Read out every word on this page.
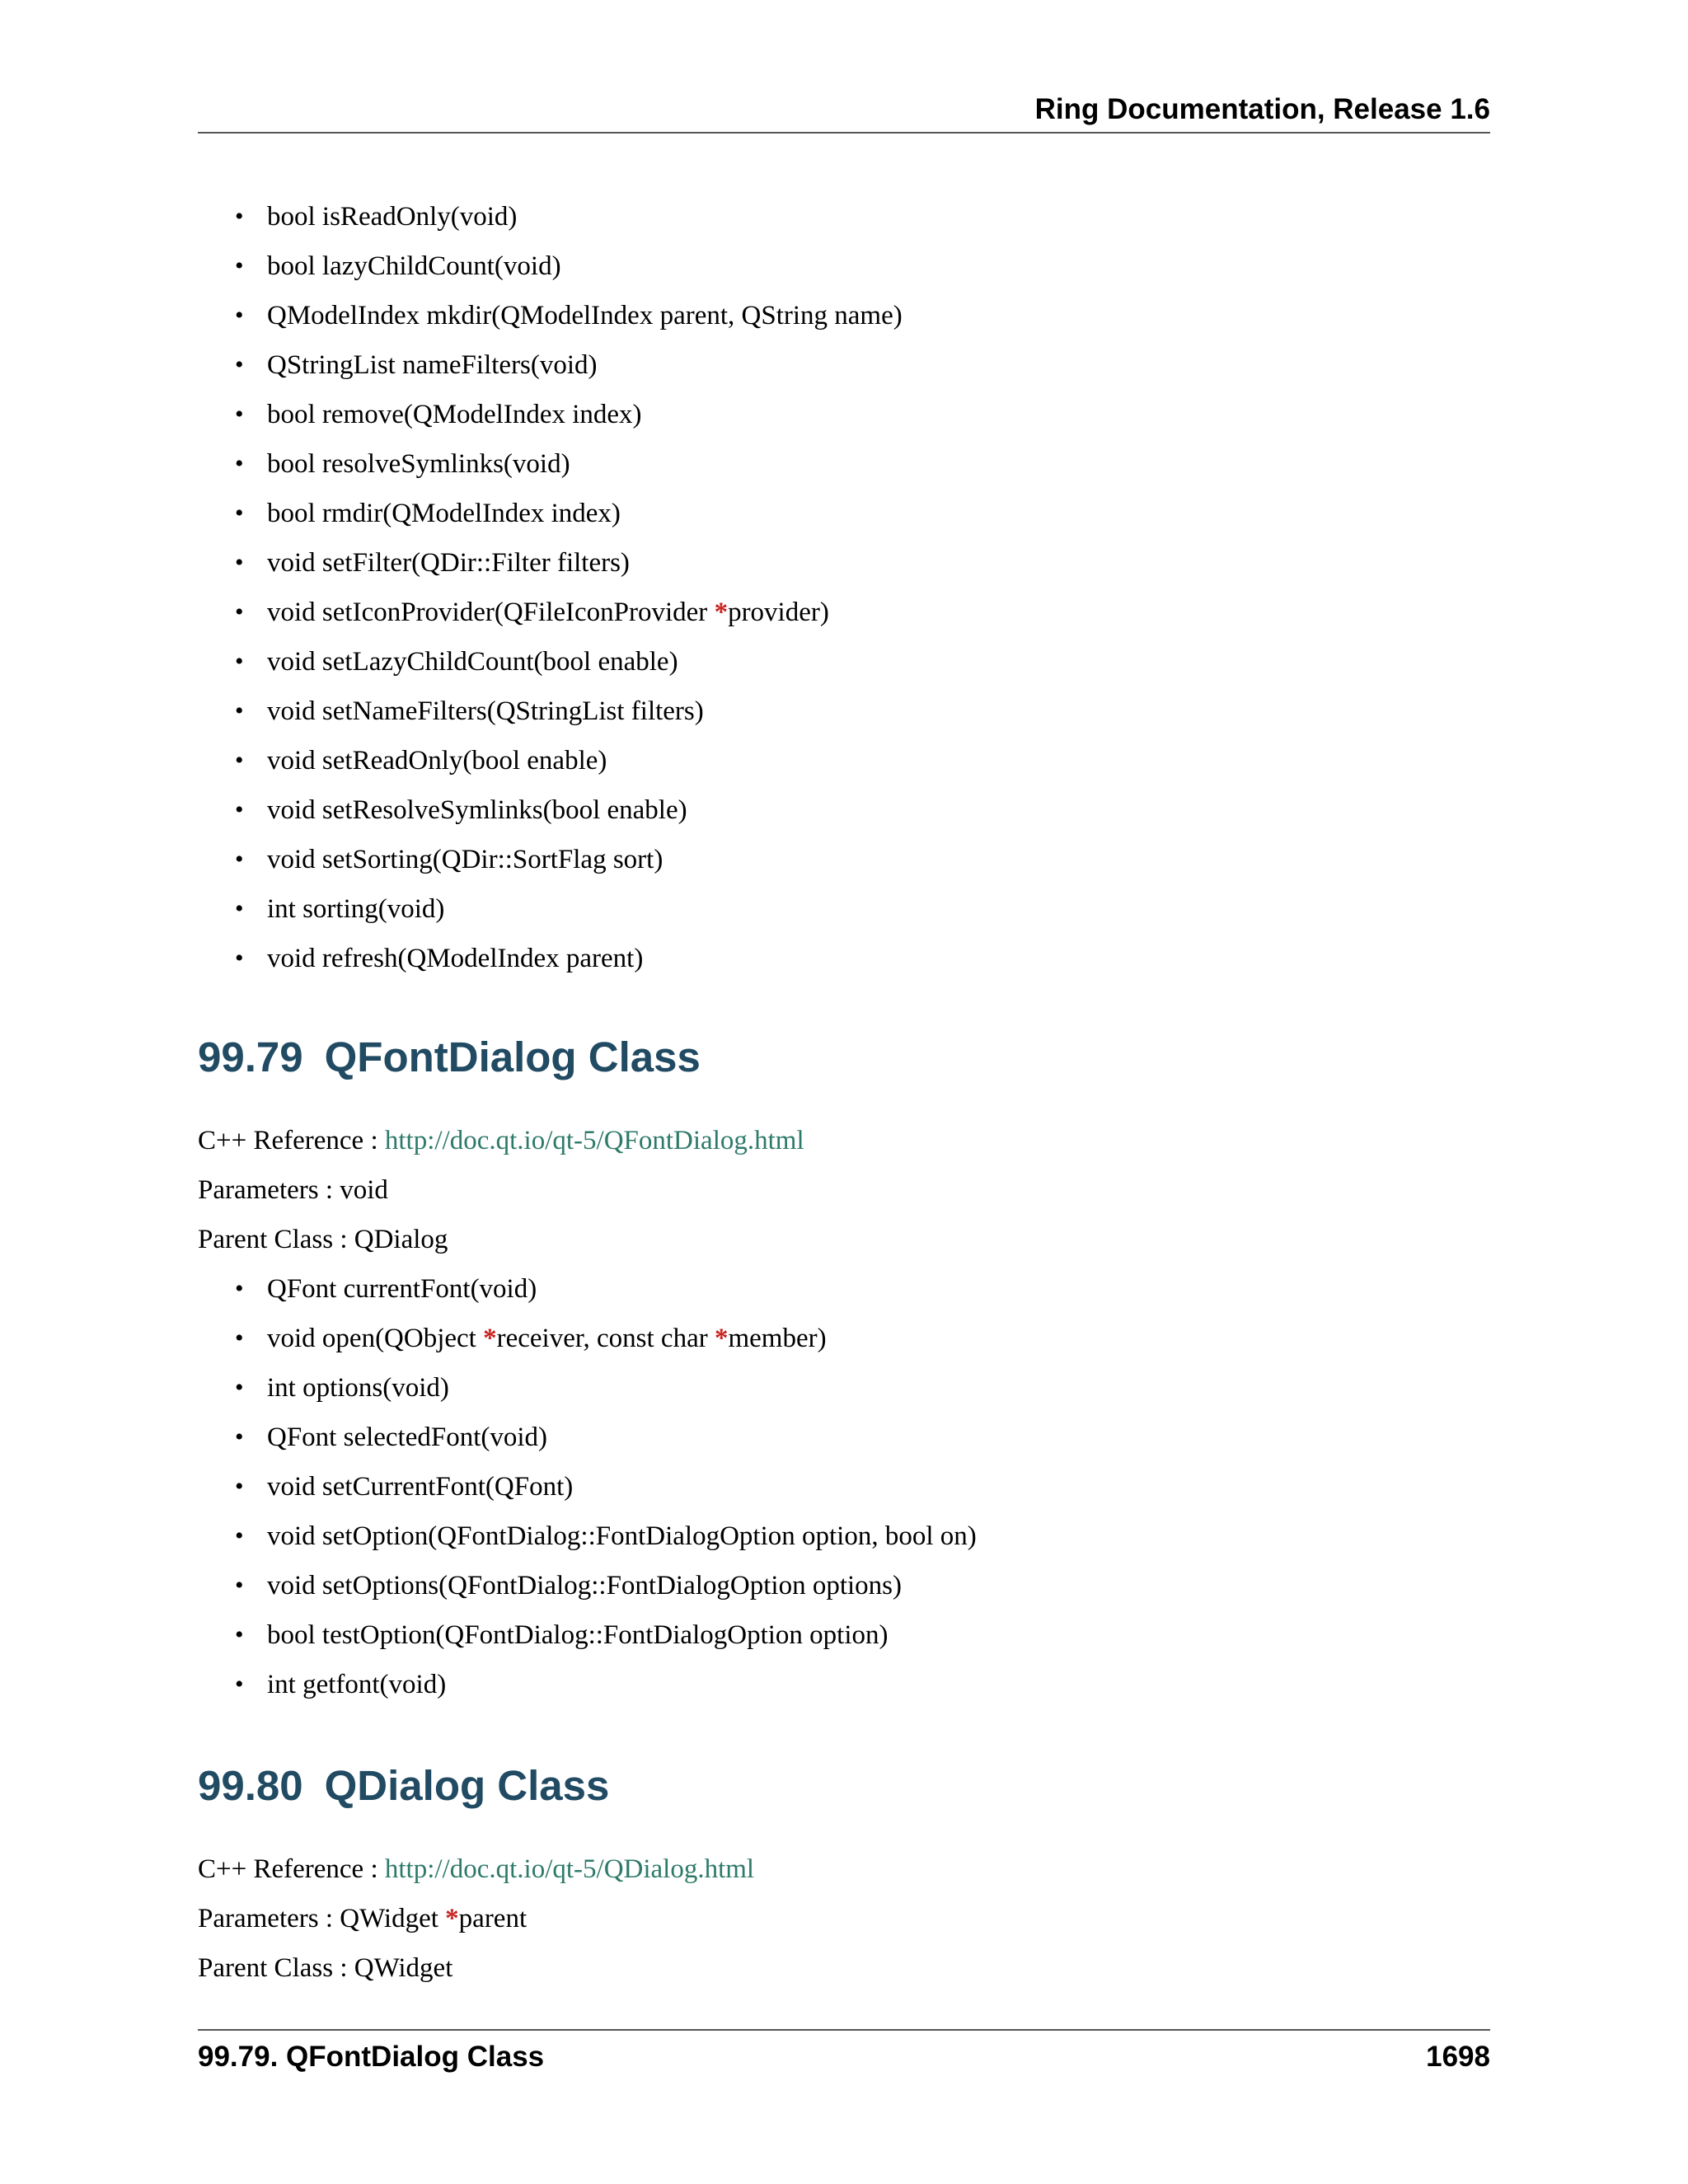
Ring Documentation, Release 1.6
• bool isReadOnly(void)
• bool lazyChildCount(void)
• QModelIndex mkdir(QModelIndex parent, QString name)
• QStringList nameFilters(void)
• bool remove(QModelIndex index)
• bool resolveSymlinks(void)
• bool rmdir(QModelIndex index)
• void setFilter(QDir::Filter filters)
• void setIconProvider(QFileIconProvider *provider)
• void setLazyChildCount(bool enable)
• void setNameFilters(QStringList filters)
• void setReadOnly(bool enable)
• void setResolveSymlinks(bool enable)
• void setSorting(QDir::SortFlag sort)
• int sorting(void)
• void refresh(QModelIndex parent)
99.79 QFontDialog Class
C++ Reference : http://doc.qt.io/qt-5/QFontDialog.html
Parameters : void
Parent Class : QDialog
• QFont currentFont(void)
• void open(QObject *receiver, const char *member)
• int options(void)
• QFont selectedFont(void)
• void setCurrentFont(QFont)
• void setOption(QFontDialog::FontDialogOption option, bool on)
• void setOptions(QFontDialog::FontDialogOption options)
• bool testOption(QFontDialog::FontDialogOption option)
• int getfont(void)
99.80 QDialog Class
C++ Reference : http://doc.qt.io/qt-5/QDialog.html
Parameters : QWidget *parent
Parent Class : QWidget
99.79. QFontDialog Class	1698
